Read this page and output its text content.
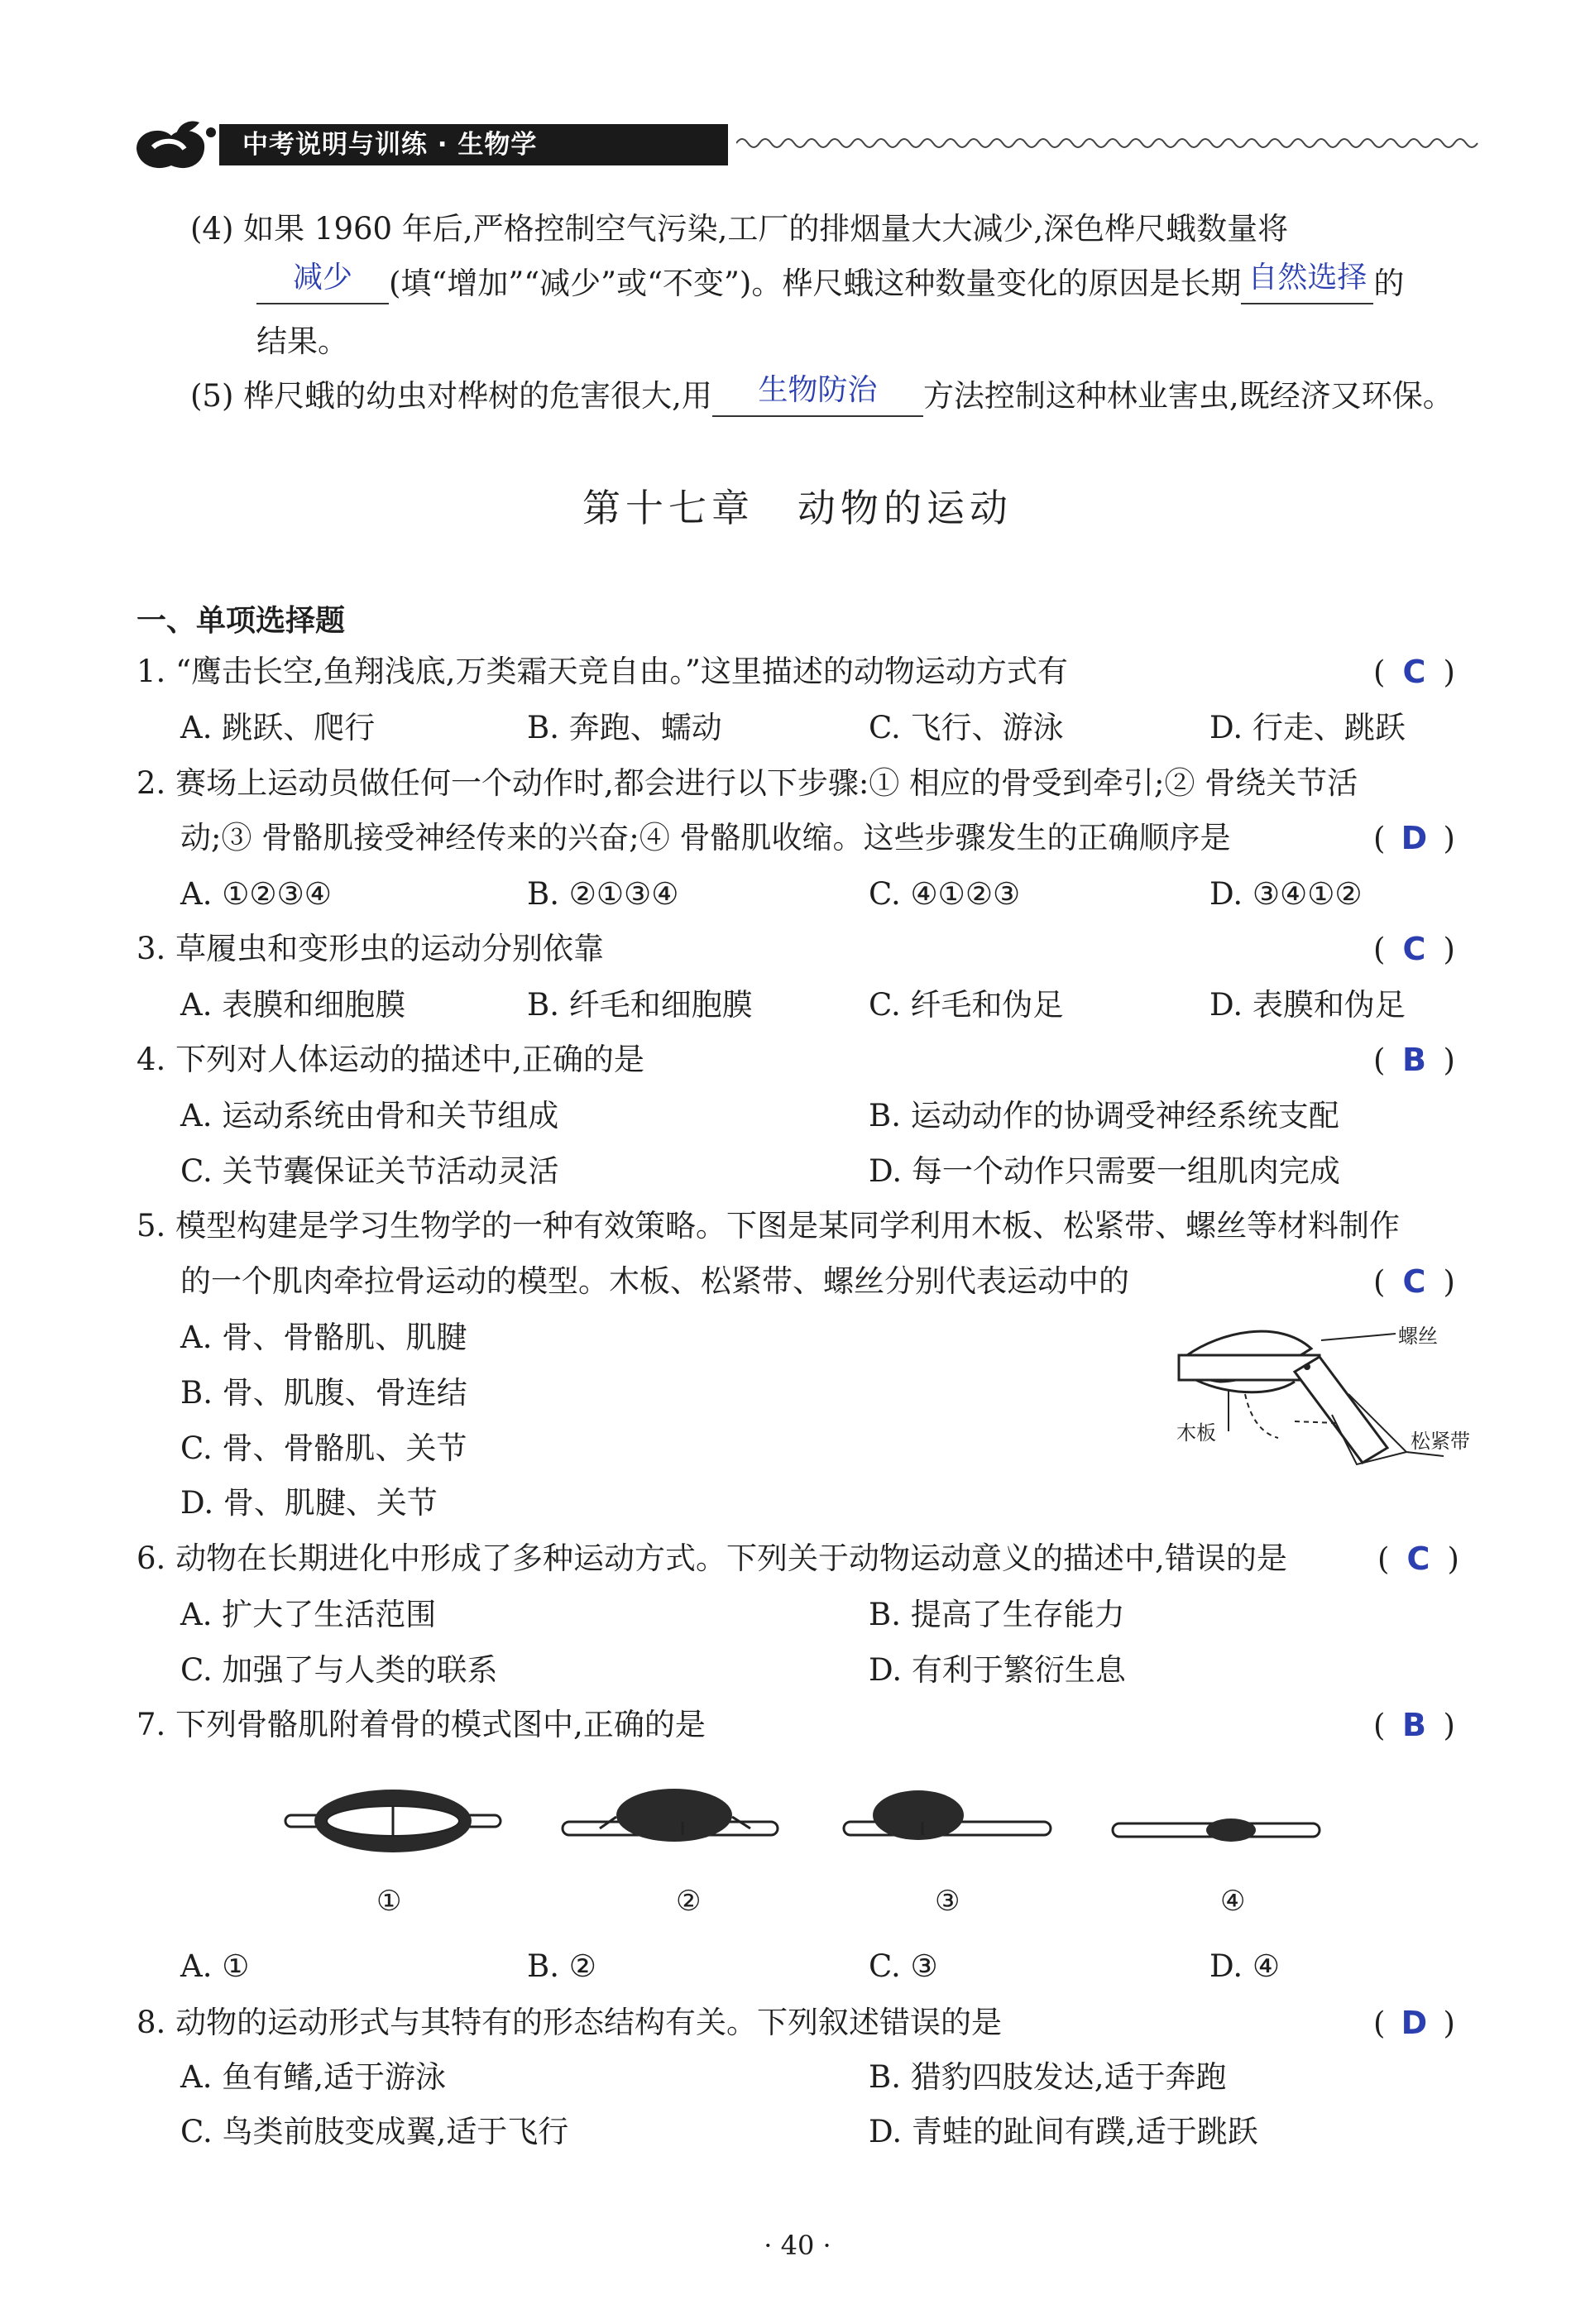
中考说明与训练 · 生物学
(4) 如果 1960 年后,严格控制空气污染,工厂的排烟量大大减少,深色桦尺蛾数量将
减少 (填“增加”“减少”或“不变”)。桦尺蛾这种数量变化的原因是长期 自然选择 的
结果。
(5) 桦尺蛾的幼虫对桦树的危害很大,用 生物防治 方法控制这种林业害虫,既经济又环保。
第十七章　动物的运动
一、单项选择题
1. “鹰击长空,鱼翔浅底,万类霜天竞自由。”这里描述的动物运动方式有	( C )
A. 跳跃、爬行	B. 奔跑、蠕动	C. 飞行、游泳	D. 行走、跳跃
2. 赛场上运动员做任何一个动作时,都会进行以下步骤:① 相应的骨受到牵引;② 骨绕关节活
动;③ 骨骼肌接受神经传来的兴奋;④ 骨骼肌收缩。这些步骤发生的正确顺序是	( D )
A. ①②③④	B. ②①③④	C. ④①②③	D. ③④①②
3. 草履虫和变形虫的运动分别依靠	( C )
A. 表膜和细胞膜	B. 纤毛和细胞膜	C. 纤毛和伪足	D. 表膜和伪足
4. 下列对人体运动的描述中,正确的是	( B )
A. 运动系统由骨和关节组成	B. 运动动作的协调受神经系统支配
C. 关节囊保证关节活动灵活	D. 每一个动作只需要一组肌肉完成
5. 模型构建是学习生物学的一种有效策略。下图是某同学利用木板、松紧带、螺丝等材料制作
的一个肌肉牵拉骨运动的模型。木板、松紧带、螺丝分别代表运动中的	( C )
A. 骨、骨骼肌、肌腱
B. 骨、肌腹、骨连结
C. 骨、骨骼肌、关节
D. 骨、肌腱、关节
螺丝
木板	松紧带
6. 动物在长期进化中形成了多种运动方式。下列关于动物运动意义的描述中,错误的是	( C )
A. 扩大了生活范围	B. 提高了生存能力
C. 加强了与人类的联系	D. 有利于繁衍生息
7. 下列骨骼肌附着骨的模式图中,正确的是	( B )
①	②	③	④
A. ①	B. ②	C. ③	D. ④
8. 动物的运动形式与其特有的形态结构有关。下列叙述错误的是	( D )
A. 鱼有鳍,适于游泳	B. 猎豹四肢发达,适于奔跑
C. 鸟类前肢变成翼,适于飞行	D. 青蛙的趾间有蹼,适于跳跃
· 40 ·
